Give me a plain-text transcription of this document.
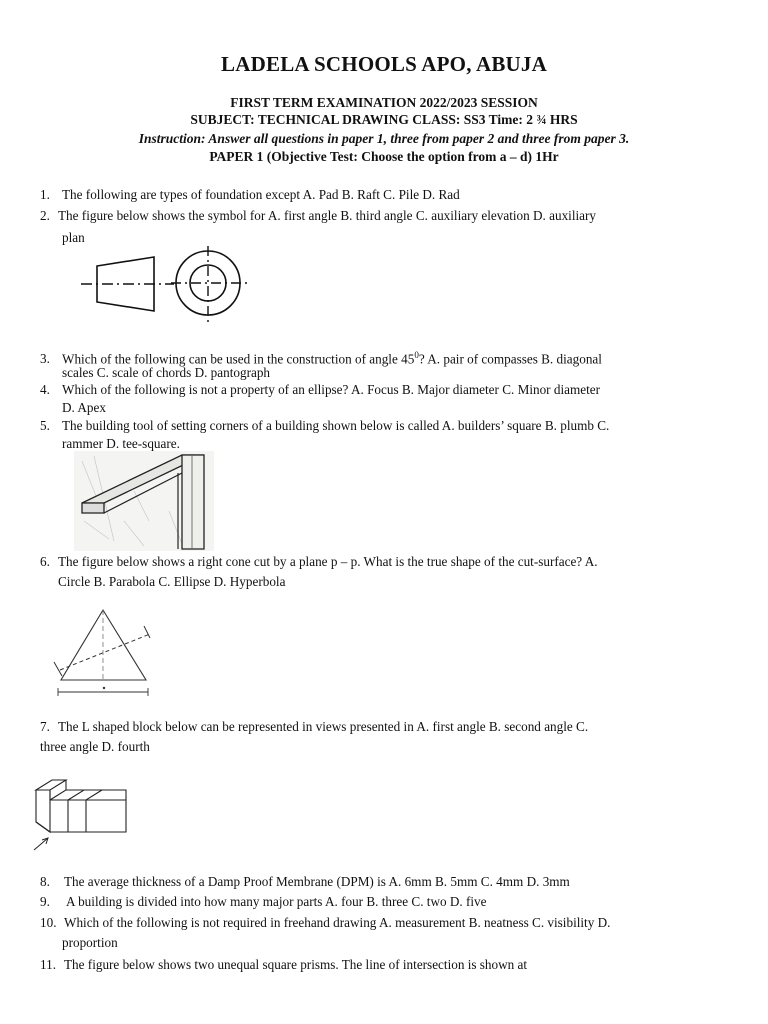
LADELA SCHOOLS APO, ABUJA
FIRST TERM EXAMINATION 2022/2023 SESSION
SUBJECT: TECHNICAL DRAWING CLASS: SS3 Time: 2 ¾ HRS
Instruction: Answer all questions in paper 1, three from paper 2 and three from paper 3.
PAPER 1 (Objective Test: Choose the option from a – d) 1Hr
1. The following are types of foundation except A. Pad B. Raft C. Pile D. Rad
2. The figure below shows the symbol for A. first angle B. third angle C. auxiliary elevation D. auxiliary
plan
3. Which of the following can be used in the construction of angle $45^0$? A. pair of compasses B. diagonal
scales C. scale of chords D. pantograph
4. Which of the following is not a property of an ellipse? A. Focus B. Major diameter C. Minor diameter
D. Apex
5. The building tool of setting corners of a building shown below is called A. builders’ square B. plumb C.
rammer D. tee-square.
6. The figure below shows a right cone cut by a plane p – p. What is the true shape of the cut-surface? A.
Circle B. Parabola C. Ellipse D. Hyperbola
7. The L shaped block below can be represented in views presented in A. first angle B. second angle C.
three angle D. fourth
8. The average thickness of a Damp Proof Membrane (DPM) is A. 6mm B. 5mm C. 4mm D. 3mm
9. A building is divided into how many major parts A. four B. three C. two D. five
10. Which of the following is not required in freehand drawing A. measurement B. neatness C. visibility D.
proportion
11. The figure below shows two unequal square prisms. The line of intersection is shown at
